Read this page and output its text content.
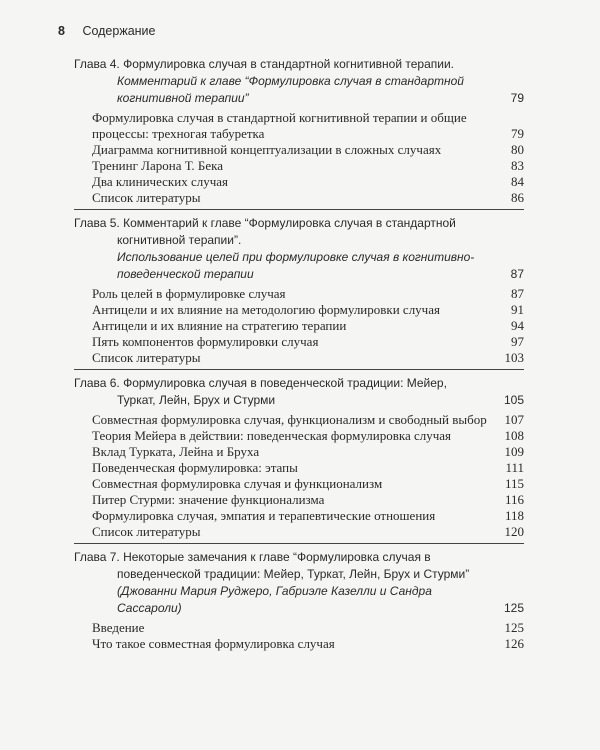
8 Содержание
Глава 4. Формулировка случая в стандартной когнитивной терапии.
Комментарий к главе “Формулировка случая в стандартной когнитивной терапии”	79
Формулировка случая в стандартной когнитивной терапии и общие процессы: трехногая табуретка	79
Диаграмма когнитивной концептуализации в сложных случаях	80
Тренинг Ларона Т. Бека	83
Два клинических случая	84
Список литературы	86
Глава 5. Комментарий к главе “Формулировка случая в стандартной когнитивной терапии”.
Использование целей при формулировке случая в когнитивно-поведенческой терапии	87
Роль целей в формулировке случая	87
Антицели и их влияние на методологию формулировки случая	91
Антицели и их влияние на стратегию терапии	94
Пять компонентов формулировки случая	97
Список литературы	103
Глава 6. Формулировка случая в поведенческой традиции: Мейер, Туркат, Лейн, Брух и Стурми	105
Совместная формулировка случая, функционализм и свободный выбор 107
Теория Мейера в действии: поведенческая формулировка случая	108
Вклад Турката, Лейна и Бруха	109
Поведенческая формулировка: этапы	111
Совместная формулировка случая и функционализм	115
Питер Стурми: значение функционализма	116
Формулировка случая, эмпатия и терапевтические отношения	118
Список литературы	120
Глава 7. Некоторые замечания к главе “Формулировка случая в поведенческой традиции: Мейер, Туркат, Лейн, Брух и Стурми”
(Джованни Мария Руджеро, Габриэле Казелли и Сандра Сассароли)	125
Введение	125
Что такое совместная формулировка случая	126
